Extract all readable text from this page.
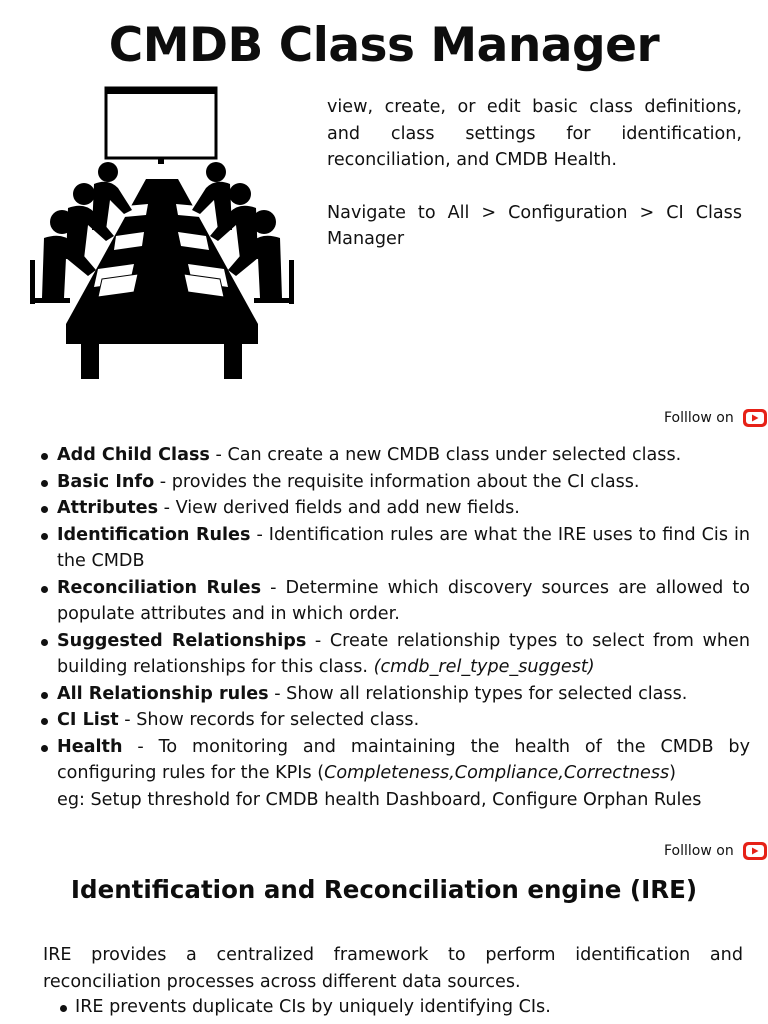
CMDB Class Manager

view, create, or edit basic class definitions, and class settings for identification, reconciliation, and CMDB Health.

Navigate to All > Configuration > CI Class Manager

Folllow on
Add Child Class - Can create a new CMDB class under selected class.
Basic Info - provides the requisite information about the CI class.
Attributes - View derived fields and add new fields.
Identification Rules - Identification rules are what the IRE uses to find Cis in the CMDB
Reconciliation Rules - Determine which discovery sources are allowed to populate attributes and in which order.
Suggested Relationships - Create relationship types to select from when building relationships for this class. (cmdb_rel_type_suggest)
All Relationship rules - Show all relationship types for selected class.
CI List - Show records for selected class.
Health - To monitoring and maintaining the health of the CMDB by configuring rules for the KPIs (Completeness,Compliance,Correctness)
eg: Setup threshold for CMDB health Dashboard, Configure Orphan Rules
Folllow on
Identification and Reconciliation engine (IRE)

IRE provides a centralized framework to perform identification and reconciliation processes across different data sources.

IRE prevents duplicate CIs by uniquely identifying CIs.
